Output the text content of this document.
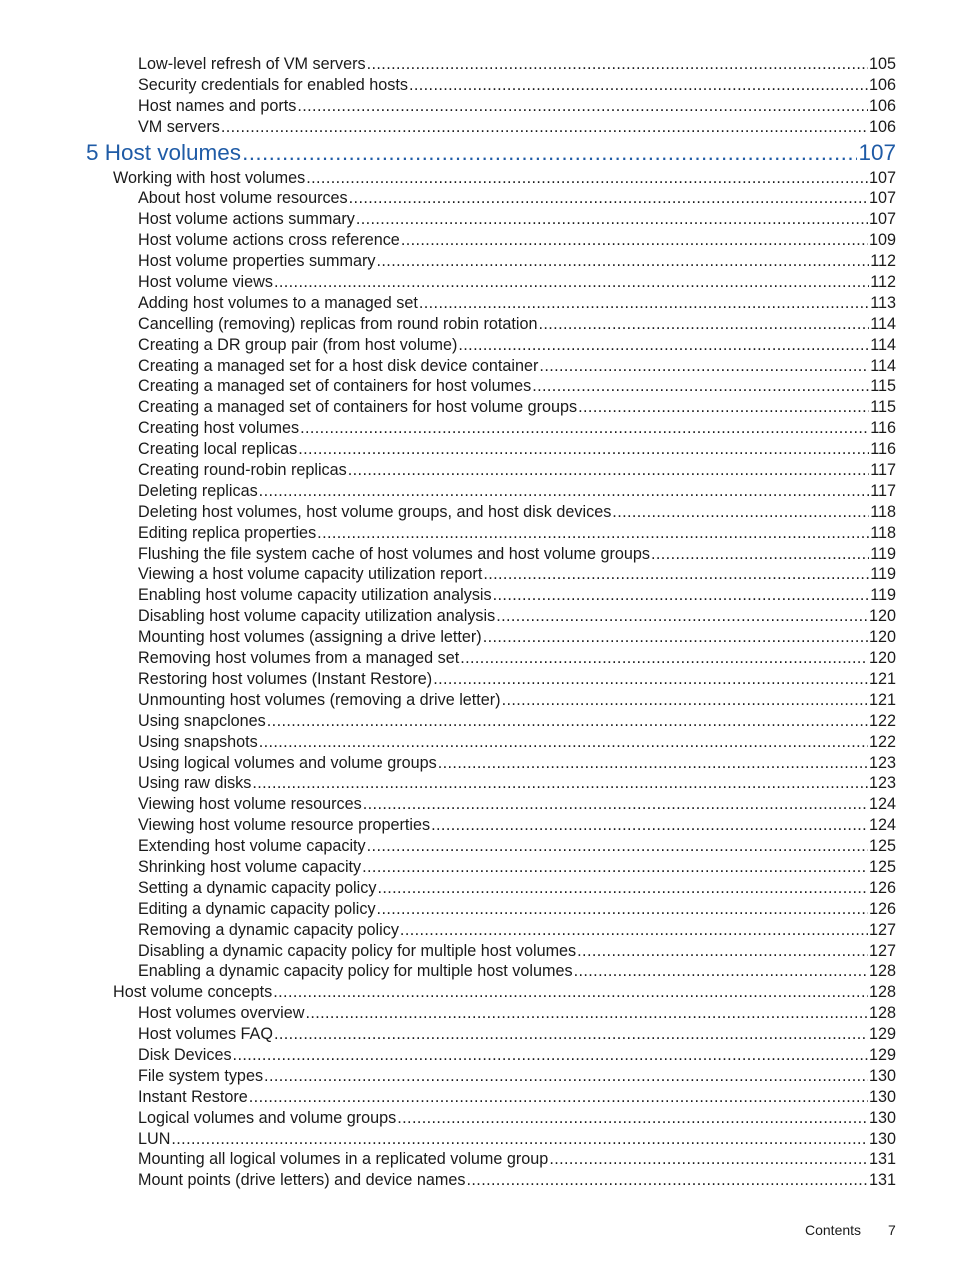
Low-level refresh of VM servers .....	105
Security credentials for enabled hosts .....	106
Host names and ports .....	106
VM servers .....	106
5 Host volumes .....	107
Working with host volumes .....	107
About host volume resources .....	107
Host volume actions summary .....	107
Host volume actions cross reference .....	109
Host volume properties summary .....	112
Host volume views .....	112
Adding host volumes to a managed set .....	113
Cancelling (removing) replicas from round robin rotation .....	114
Creating a DR group pair (from host volume) .....	114
Creating a managed set for a host disk device container .....	114
Creating a managed set of containers for host volumes .....	115
Creating a managed set of containers for host volume groups .....	115
Creating host volumes .....	116
Creating local replicas .....	116
Creating round-robin replicas .....	117
Deleting replicas .....	117
Deleting host volumes, host volume groups, and host disk devices .....	118
Editing replica properties .....	118
Flushing the file system cache of host volumes and host volume groups .....	119
Viewing a host volume capacity utilization report .....	119
Enabling host volume capacity utilization analysis .....	119
Disabling host volume capacity utilization analysis .....	120
Mounting host volumes (assigning a drive letter) .....	120
Removing host volumes from a managed set .....	120
Restoring host volumes (Instant Restore) .....	121
Unmounting host volumes (removing a drive letter) .....	121
Using snapclones .....	122
Using snapshots .....	122
Using logical volumes and volume groups .....	123
Using raw disks .....	123
Viewing host volume resources .....	124
Viewing host volume resource properties .....	124
Extending host volume capacity .....	125
Shrinking host volume capacity .....	125
Setting a dynamic capacity policy .....	126
Editing a dynamic capacity policy .....	126
Removing a dynamic capacity policy .....	127
Disabling a dynamic capacity policy for multiple host volumes .....	127
Enabling a dynamic capacity policy for multiple host volumes .....	128
Host volume concepts .....	128
Host volumes overview .....	128
Host volumes FAQ .....	129
Disk Devices .....	129
File system types .....	130
Instant Restore .....	130
Logical volumes and volume groups .....	130
LUN .....	130
Mounting all logical volumes in a replicated volume group .....	131
Mount points (drive letters) and device names .....	131
Contents 7
